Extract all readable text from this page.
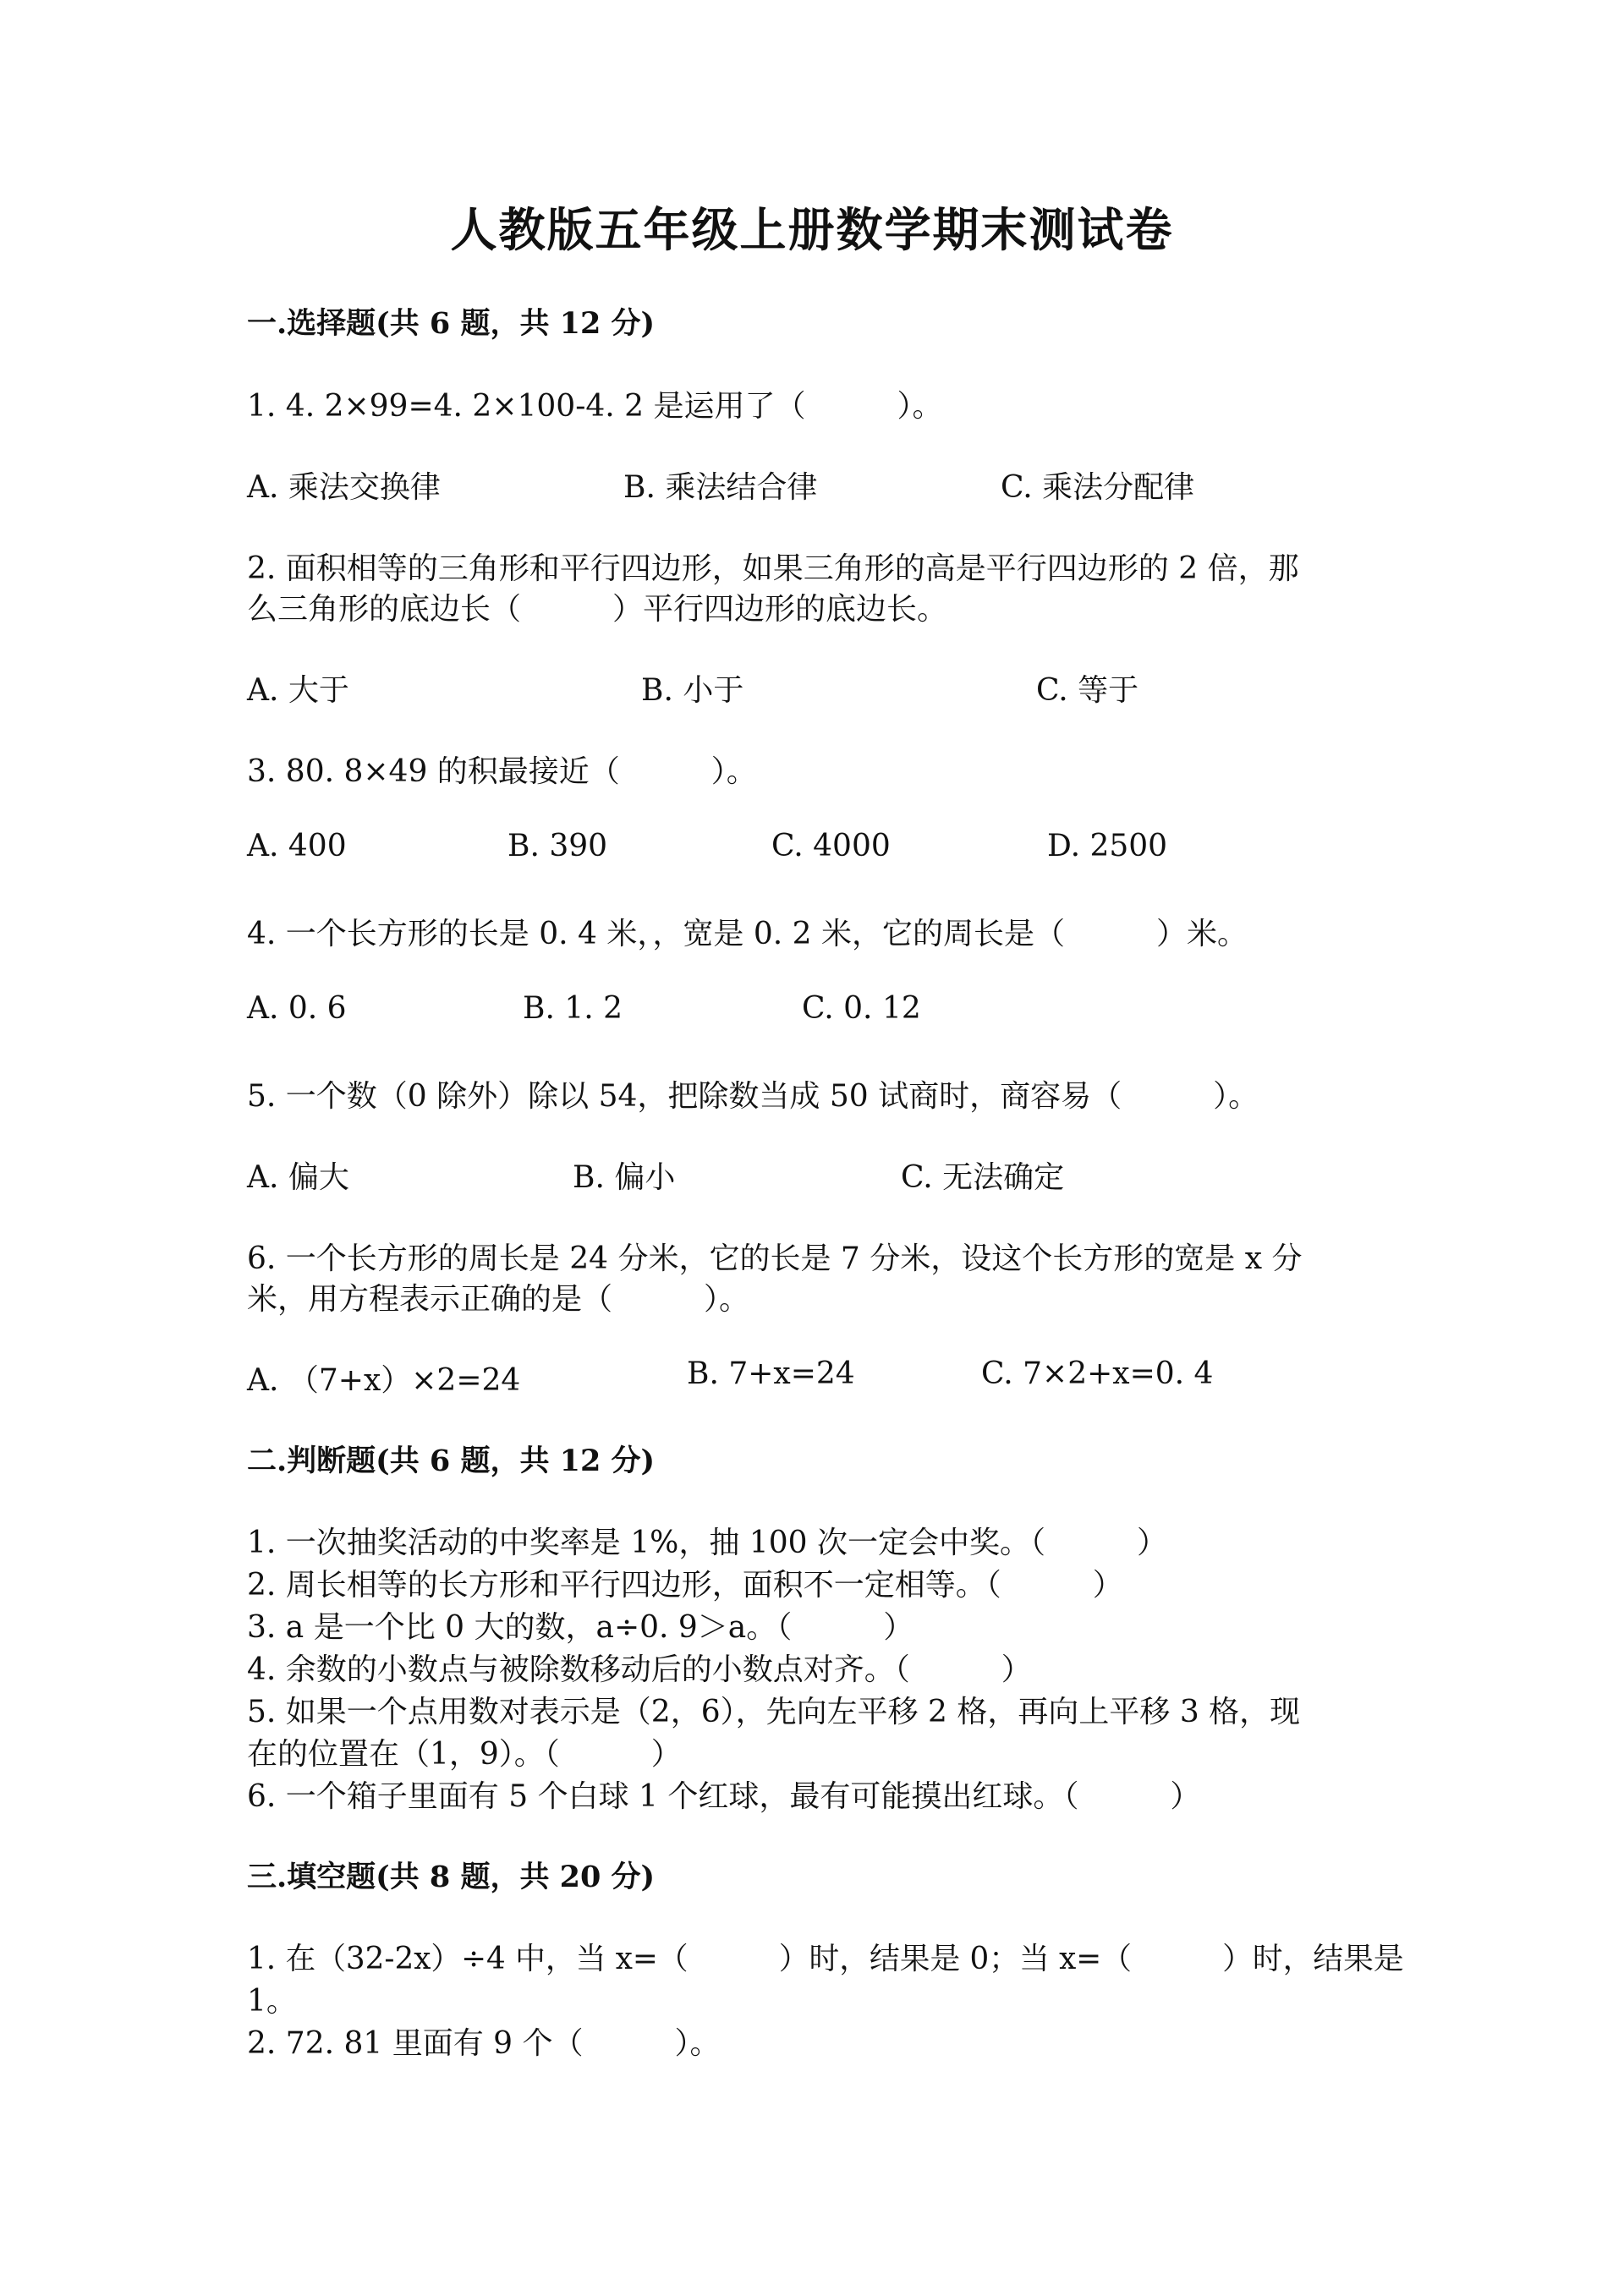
人教版五年级上册数学期末测试卷
一.选择题(共 6 题，共 12 分)
1. 4. 2×99=4. 2×100-4. 2 是运用了（　　　）。
A. 乘法交换律	B. 乘法结合律	C. 乘法分配律
2. 面积相等的三角形和平行四边形，如果三角形的高是平行四边形的 2 倍，那
么三角形的底边长（　　　）平行四边形的底边长。
A. 大于	B. 小于	C. 等于
3. 80. 8×49 的积最接近（　　　）。
A. 400	B. 390	C. 4000	D. 2500
4. 一个长方形的长是 0. 4 米，，宽是 0. 2 米，它的周长是（　　　）米。
A. 0. 6	B. 1. 2	C. 0. 12
5. 一个数（0 除外）除以 54，把除数当成 50 试商时，商容易（　　　）。
A. 偏大	B. 偏小	C. 无法确定
6. 一个长方形的周长是 24 分米，它的长是 7 分米，设这个长方形的宽是 x 分
米，用方程表示正确的是（　　　）。
A. （7+x）×2=24	B. 7+x=24	C. 7×2+x=0. 4
二.判断题(共 6 题，共 12 分)
1. 一次抽奖活动的中奖率是 1%，抽 100 次一定会中奖。（　　　）
2. 周长相等的长方形和平行四边形，面积不一定相等。（　　　）
3. a 是一个比 0 大的数，a÷0. 9＞a。（　　　）
4. 余数的小数点与被除数移动后的小数点对齐。（　　　）
5. 如果一个点用数对表示是（2，6），先向左平移 2 格，再向上平移 3 格，现
在的位置在（1，9）。（　　　）
6. 一个箱子里面有 5 个白球 1 个红球，最有可能摸出红球。（　　　）
三.填空题(共 8 题，共 20 分)
1. 在（32-2x）÷4 中，当 x=（　　　）时，结果是 0；当 x=（　　　）时，结果是
1。
2. 72. 81 里面有 9 个（　　　）。
